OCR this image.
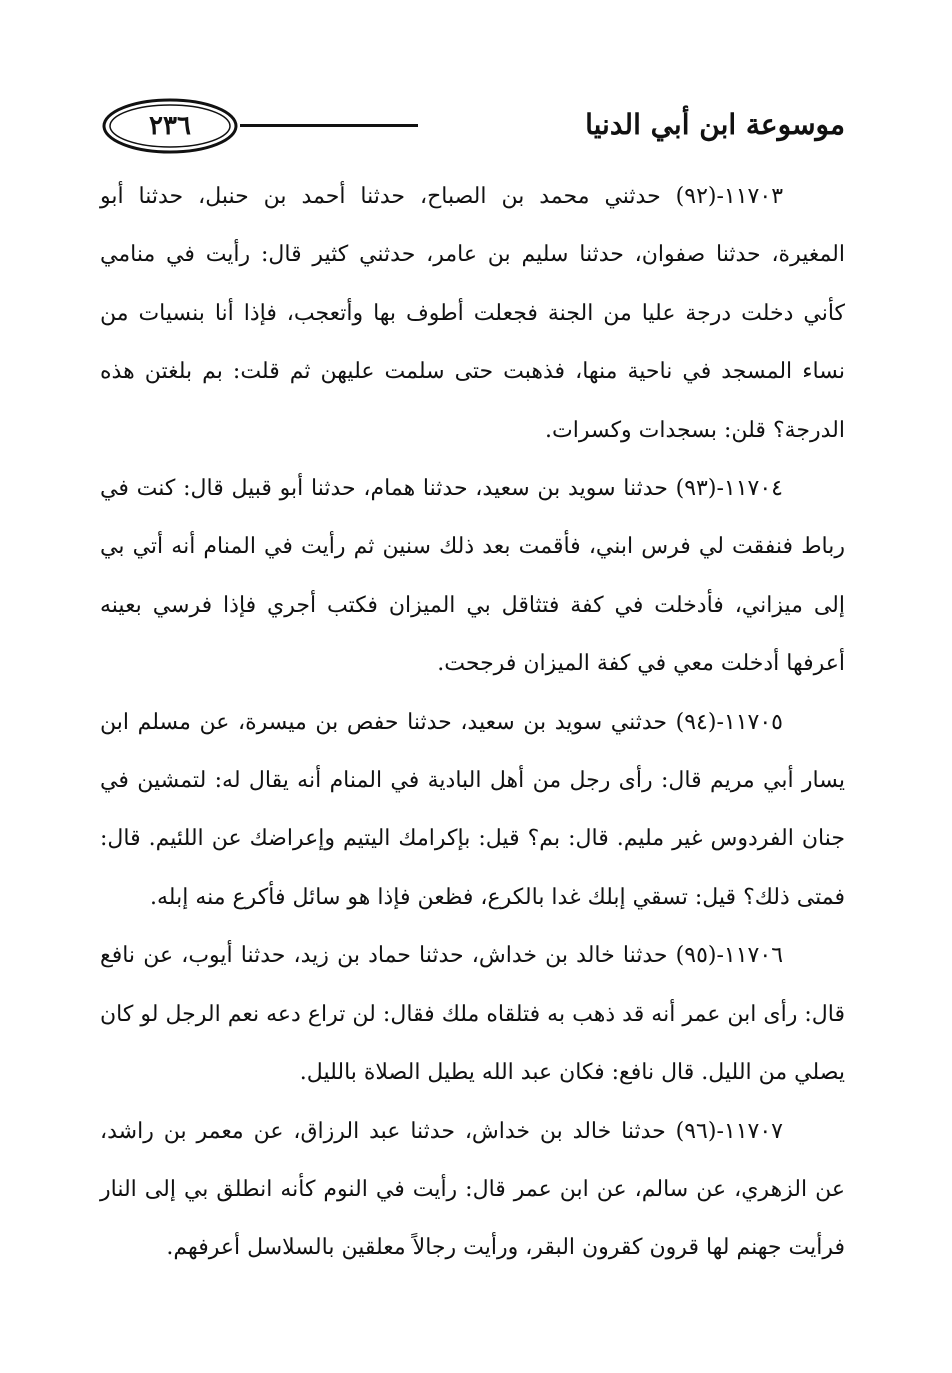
٢٣٦	موسوعة ابن أبي الدنيا

١١٧٠٣-(٩٢) حدثني محمد بن الصباح، حدثنا أحمد بن حنبل، حدثنا أبو المغيرة، حدثنا صفوان، حدثنا سليم بن عامر، حدثني كثير قال: رأيت في منامي كأني دخلت درجة عليا من الجنة فجعلت أطوف بها وأتعجب، فإذا أنا بنسيات من نساء المسجد في ناحية منها، فذهبت حتى سلمت عليهن ثم قلت: بم بلغتن هذه الدرجة؟ قلن: بسجدات وكسرات.

١١٧٠٤-(٩٣) حدثنا سويد بن سعيد، حدثنا همام، حدثنا أبو قبيل قال: كنت في رباط فنفقت لي فرس ابني، فأقمت بعد ذلك سنين ثم رأيت في المنام أنه أتي بي إلى ميزاني، فأدخلت في كفة فتثاقل بي الميزان فكتب أجري فإذا فرسي بعينه أعرفها أدخلت معي في كفة الميزان فرجحت.

١١٧٠٥-(٩٤) حدثني سويد بن سعيد، حدثنا حفص بن ميسرة، عن مسلم ابن يسار أبي مريم قال: رأى رجل من أهل البادية في المنام أنه يقال له: لتمشين في جنان الفردوس غير مليم. قال: بم؟ قيل: بإكرامك اليتيم وإعراضك عن اللئيم. قال: فمتى ذلك؟ قيل: تسقي إبلك غدا بالكرع، فظعن فإذا هو سائل فأكرع منه إبله.

١١٧٠٦-(٩٥) حدثنا خالد بن خداش، حدثنا حماد بن زيد، حدثنا أيوب، عن نافع قال: رأى ابن عمر أنه قد ذهب به فتلقاه ملك فقال: لن تراع دعه نعم الرجل لو كان يصلي من الليل. قال نافع: فكان عبد الله يطيل الصلاة بالليل.

١١٧٠٧-(٩٦) حدثنا خالد بن خداش، حدثنا عبد الرزاق، عن معمر بن راشد، عن الزهري، عن سالم، عن ابن عمر قال: رأيت في النوم كأنه انطلق بي إلى النار فرأيت جهنم لها قرون كقرون البقر، ورأيت رجالاً معلقين بالسلاسل أعرفهم.
